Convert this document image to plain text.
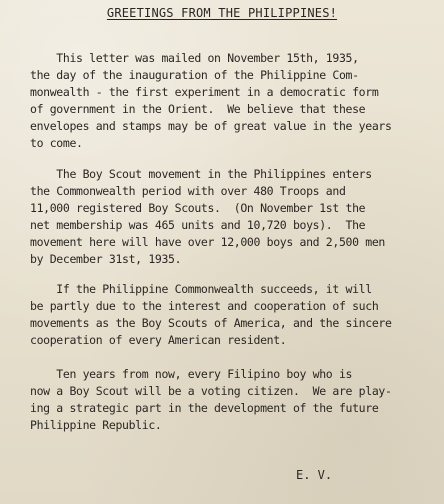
GREETINGS FROM THE PHILIPPINES!
This letter was mailed on November 15th, 1935,
the day of the inauguration of the Philippine Com-
monwealth - the first experiment in a democratic form
of government in the Orient.  We believe that these
envelopes and stamps may be of great value in the years
to come.
The Boy Scout movement in the Philippines enters
the Commonwealth period with over 480 Troops and
11,000 registered Boy Scouts.  (On November 1st the
net membership was 465 units and 10,720 boys).  The
movement here will have over 12,000 boys and 2,500 men
by December 31st, 1935.
If the Philippine Commonwealth succeeds, it will
be partly due to the interest and cooperation of such
movements as the Boy Scouts of America, and the sincere
cooperation of every American resident.
Ten years from now, every Filipino boy who is
now a Boy Scout will be a voting citizen.  We are play-
ing a strategic part in the development of the future
Philippine Republic.
E. V.
